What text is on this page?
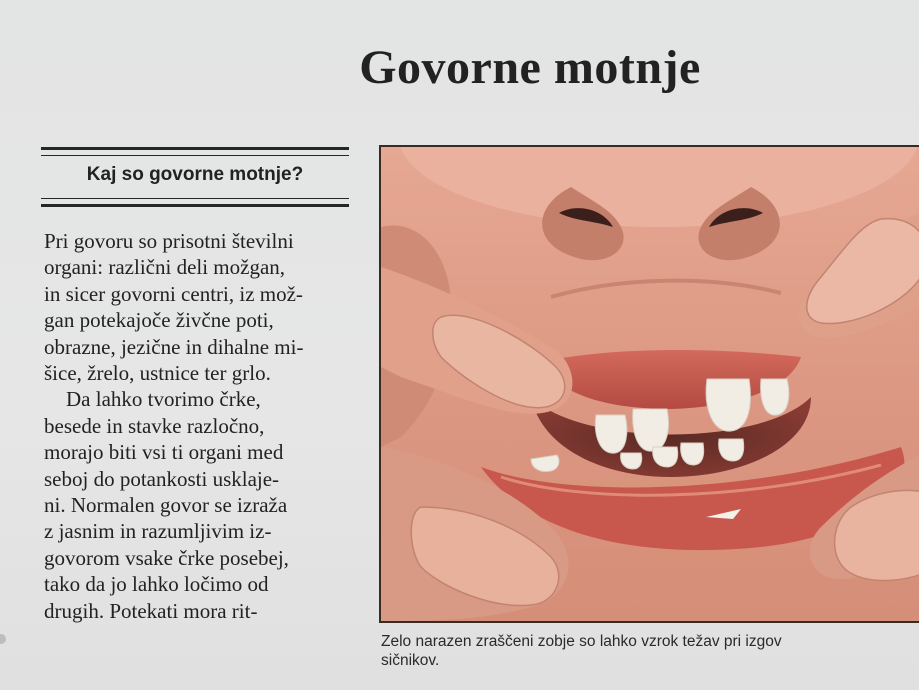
Govorne motnje
Kaj so govorne motnje?
Pri govoru so prisotni številni
organi: različni deli možgan,
in sicer govorni centri, iz mož-
gan potekajoče živčne poti,
obrazne, jezične in dihalne mi-
šice, žrelo, ustnice ter grlo.
Da lahko tvorimo črke,
besede in stavke razločno,
morajo biti vsi ti organi med
seboj do potankosti usklaje-
ni. Normalen govor se izraža
z jasnim in razumljivim iz-
govorom vsake črke posebej,
tako da jo lahko ločimo od
drugih. Potekati mora rit-
Zelo narazen zraščeni zobje so lahko vzrok težav pri izgov
sičnikov.
